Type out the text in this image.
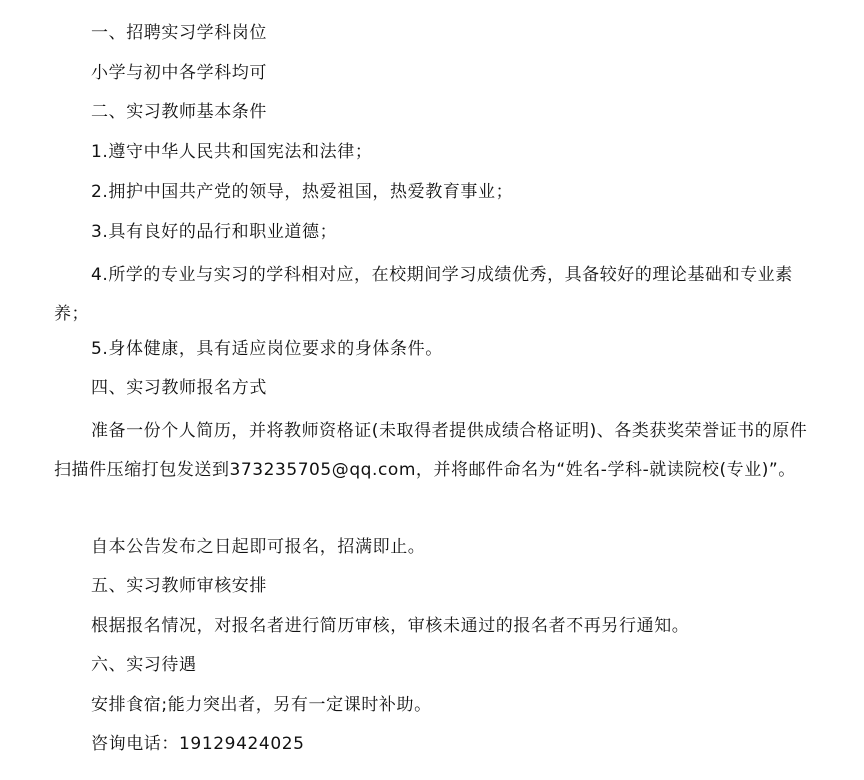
一、招聘实习学科岗位

小学与初中各学科均可

二、实习教师基本条件

1.遵守中华人民共和国宪法和法律；

2.拥护中国共产党的领导，热爱祖国，热爱教育事业；

3.具有良好的品行和职业道德；

4.所学的专业与实习的学科相对应，在校期间学习成绩优秀，具备较好的理论基础和专业素养；

5.身体健康，具有适应岗位要求的身体条件。

四、实习教师报名方式

准备一份个人简历，并将教师资格证(未取得者提供成绩合格证明)、各类获奖荣誉证书的原件扫描件压缩打包发送到373235705@qq.com，并将邮件命名为“姓名-学科-就读院校(专业)”。

自本公告发布之日起即可报名，招满即止。

五、实习教师审核安排

根据报名情况，对报名者进行简历审核，审核未通过的报名者不再另行通知。

六、实习待遇

安排食宿;能力突出者，另有一定课时补助。

咨询电话：19129424025
